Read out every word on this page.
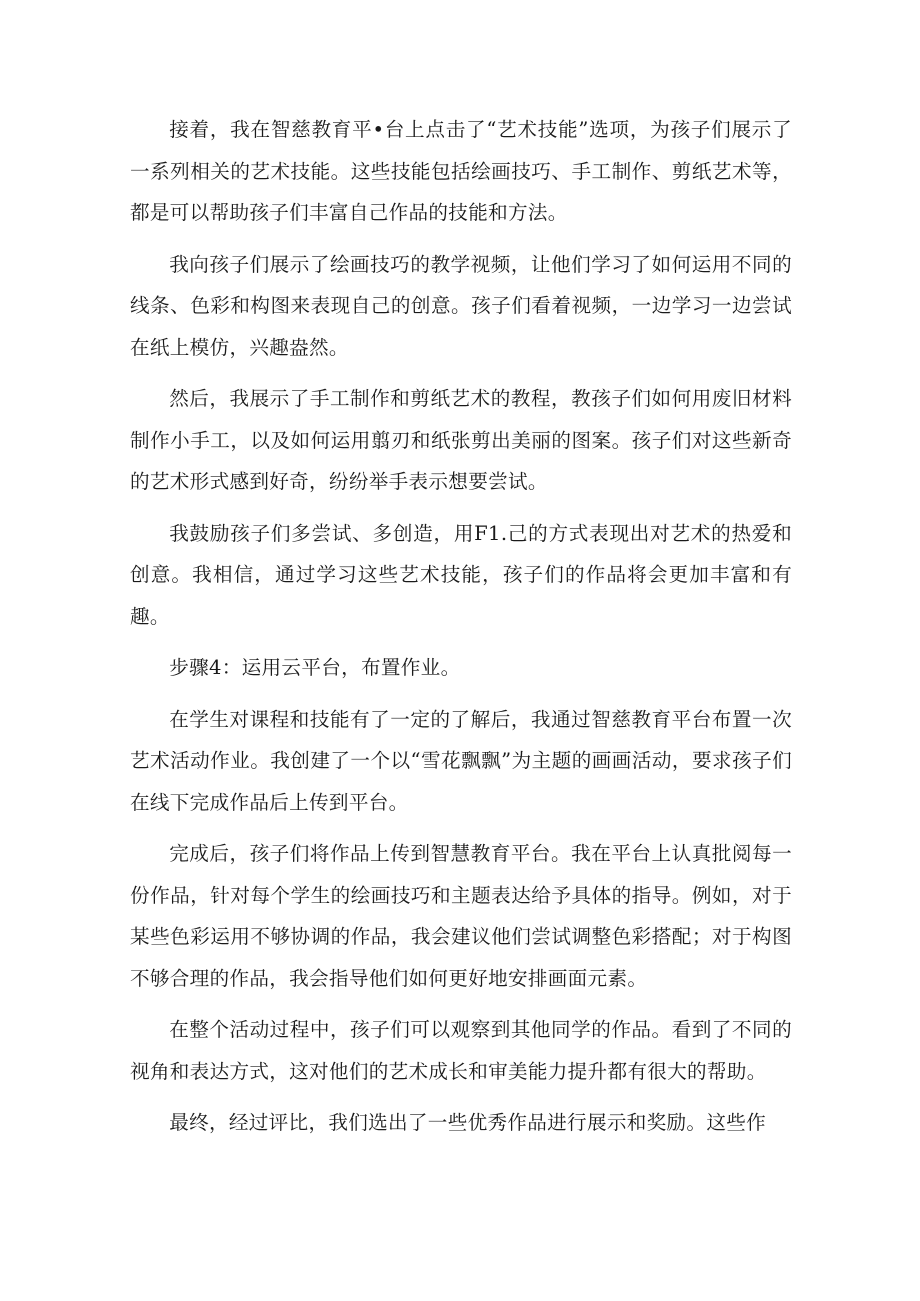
接着，我在智慈教育平•台上点击了“艺术技能”选项，为孩子们展示了一系列相关的艺术技能。这些技能包括绘画技巧、手工制作、剪纸艺术等，都是可以帮助孩子们丰富自己作品的技能和方法。

我向孩子们展示了绘画技巧的教学视频，让他们学习了如何运用不同的线条、色彩和构图来表现自己的创意。孩子们看着视频，一边学习一边尝试在纸上模仿，兴趣盎然。

然后，我展示了手工制作和剪纸艺术的教程，教孩子们如何用废旧材料制作小手工，以及如何运用翦刃和纸张剪出美丽的图案。孩子们对这些新奇的艺术形式感到好奇，纷纷举手表示想要尝试。

我鼓励孩子们多尝试、多创造，用F1.己的方式表现出对艺术的热爱和创意。我相信，通过学习这些艺术技能，孩子们的作品将会更加丰富和有趣。

步骤4：运用云平台，布置作业。

在学生对课程和技能有了一定的了解后，我通过智慈教育平台布置一次艺术活动作业。我创建了一个以“雪花飘飘”为主题的画画活动，要求孩子们在线下完成作品后上传到平台。

完成后，孩子们将作品上传到智慧教育平台。我在平台上认真批阅每一份作品，针对每个学生的绘画技巧和主题表达给予具体的指导。例如，对于某些色彩运用不够协调的作品，我会建议他们尝试调整色彩搭配；对于构图不够合理的作品，我会指导他们如何更好地安排画面元素。

在整个活动过程中，孩子们可以观察到其他同学的作品。看到了不同的视角和表达方式，这对他们的艺术成长和审美能力提升都有很大的帮助。

最终，经过评比，我们选出了一些优秀作品进行展示和奖励。这些作
